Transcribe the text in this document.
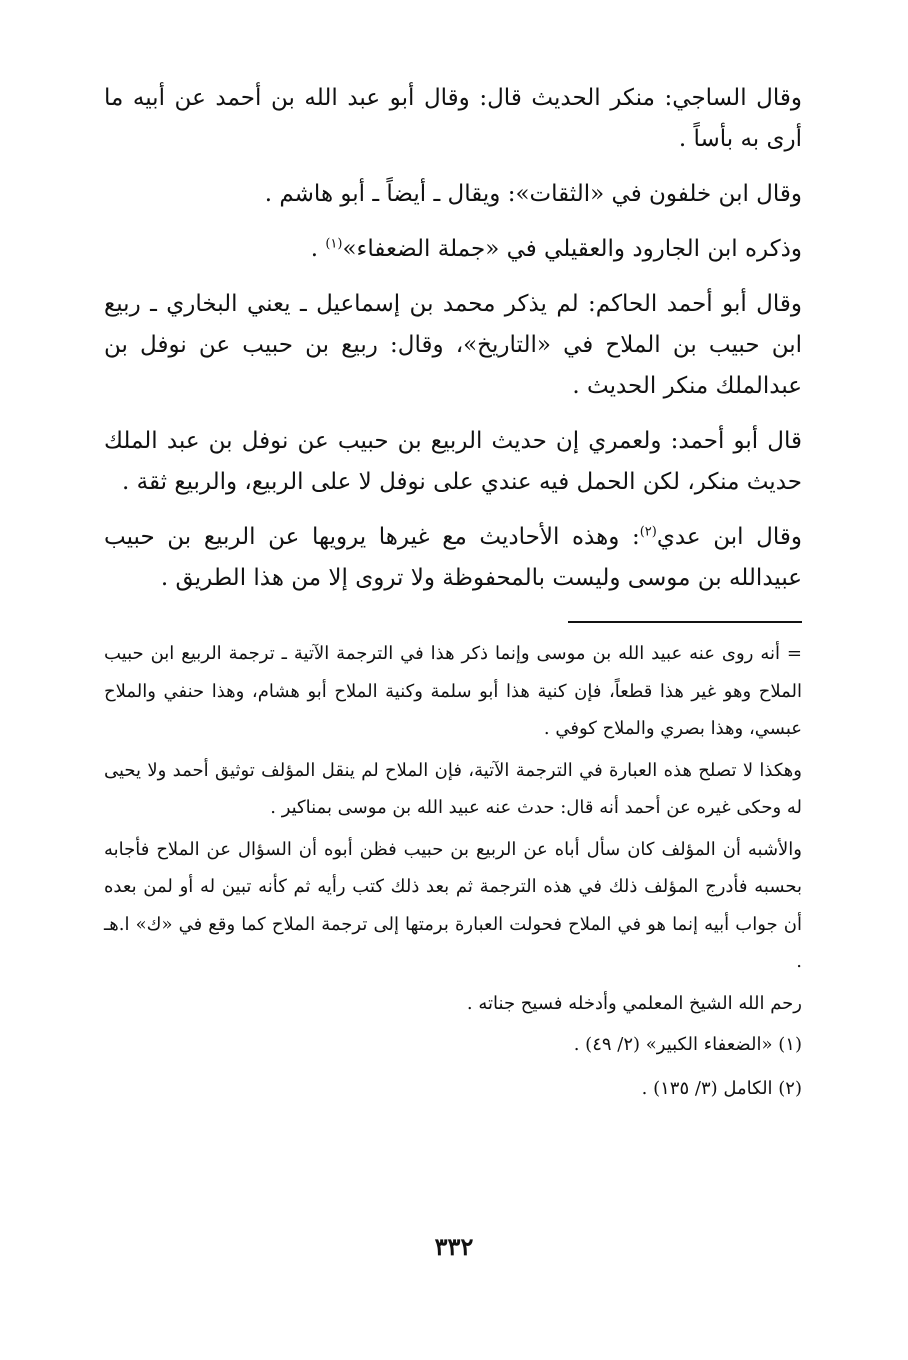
وقال الساجي: منكر الحديث قال: وقال أبو عبد الله بن أحمد عن أبيه ما أرى به بأساً .

وقال ابن خلفون في «الثقات»: ويقال ـ أيضاً ـ أبو هاشم .

وذكره ابن الجارود والعقيلي في «جملة الضعفاء»$^{(١)}$ .

وقال أبو أحمد الحاكم: لم يذكر محمد بن إسماعيل ـ يعني البخاري ـ ربيع ابن حبيب بن الملاح في «التاريخ»، وقال: ربيع بن حبيب عن نوفل بن عبدالملك منكر الحديث .

قال أبو أحمد: ولعمري إن حديث الربيع بن حبيب عن نوفل بن عبد الملك حديث منكر، لكن الحمل فيه عندي على نوفل لا على الربيع، والربيع ثقة .

وقال ابن عدي$^{(٢)}$: وهذه الأحاديث مع غيرها يرويها عن الربيع بن حبيب عبيدالله بن موسى وليست بالمحفوظة ولا تروى إلا من هذا الطريق .

= أنه روى عنه عبيد الله بن موسى وإنما ذكر هذا في الترجمة الآتية ـ ترجمة الربيع ابن حبيب الملاح وهو غير هذا قطعاً، فإن كنية هذا أبو سلمة وكنية الملاح أبو هشام، وهذا حنفي والملاح عبسي، وهذا بصري والملاح كوفي .

وهكذا لا تصلح هذه العبارة في الترجمة الآتية، فإن الملاح لم ينقل المؤلف توثيق أحمد ولا يحيى له وحكى غيره عن أحمد أنه قال: حدث عنه عبيد الله بن موسى بمناكير .

والأشبه أن المؤلف كان سأل أباه عن الربيع بن حبيب فظن أبوه أن السؤال عن الملاح فأجابه بحسبه فأدرج المؤلف ذلك في هذه الترجمة ثم بعد ذلك كتب رأيه ثم كأنه تبين له أو لمن بعده أن جواب أبيه إنما هو في الملاح فحولت العبارة برمتها إلى ترجمة الملاح كما وقع في «ك» ا.هـ .

رحم الله الشيخ المعلمي وأدخله فسيح جناته .

(١) «الضعفاء الكبير» (٢/ ٤٩) .

(٢) الكامل (٣/ ١٣٥) .

٣٣٢
